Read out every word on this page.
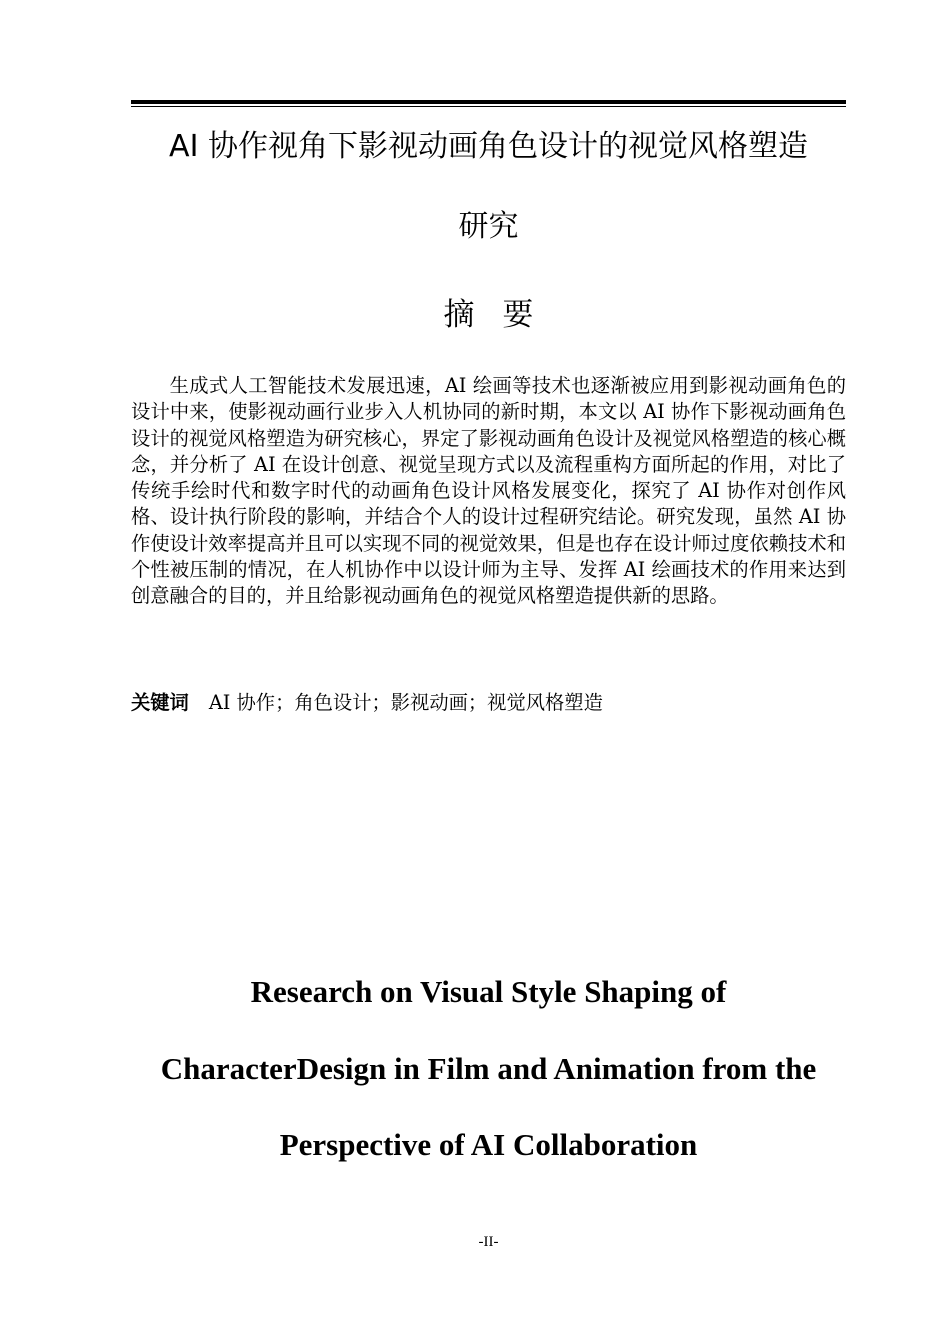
AI 协作视角下影视动画角色设计的视觉风格塑造
研究
摘要
生成式人工智能技术发展迅速，AI 绘画等技术也逐渐被应用到影视动画角色的设计中来，使影视动画行业步入人机协同的新时期，本文以 AI 协作下影视动画角色设计的视觉风格塑造为研究核心，界定了影视动画角色设计及视觉风格塑造的核心概念，并分析了 AI 在设计创意、视觉呈现方式以及流程重构方面所起的作用，对比了传统手绘时代和数字时代的动画角色设计风格发展变化，探究了 AI 协作对创作风格、设计执行阶段的影响，并结合个人的设计过程研究结论。研究发现，虽然 AI 协作使设计效率提高并且可以实现不同的视觉效果，但是也存在设计师过度依赖技术和个性被压制的情况，在人机协作中以设计师为主导、发挥 AI 绘画技术的作用来达到创意融合的目的，并且给影视动画角色的视觉风格塑造提供新的思路。
关键词 AI 协作；角色设计；影视动画；视觉风格塑造
Research on Visual Style Shaping of
CharacterDesign in Film and Animation from the
Perspective of AI Collaboration
-II-
